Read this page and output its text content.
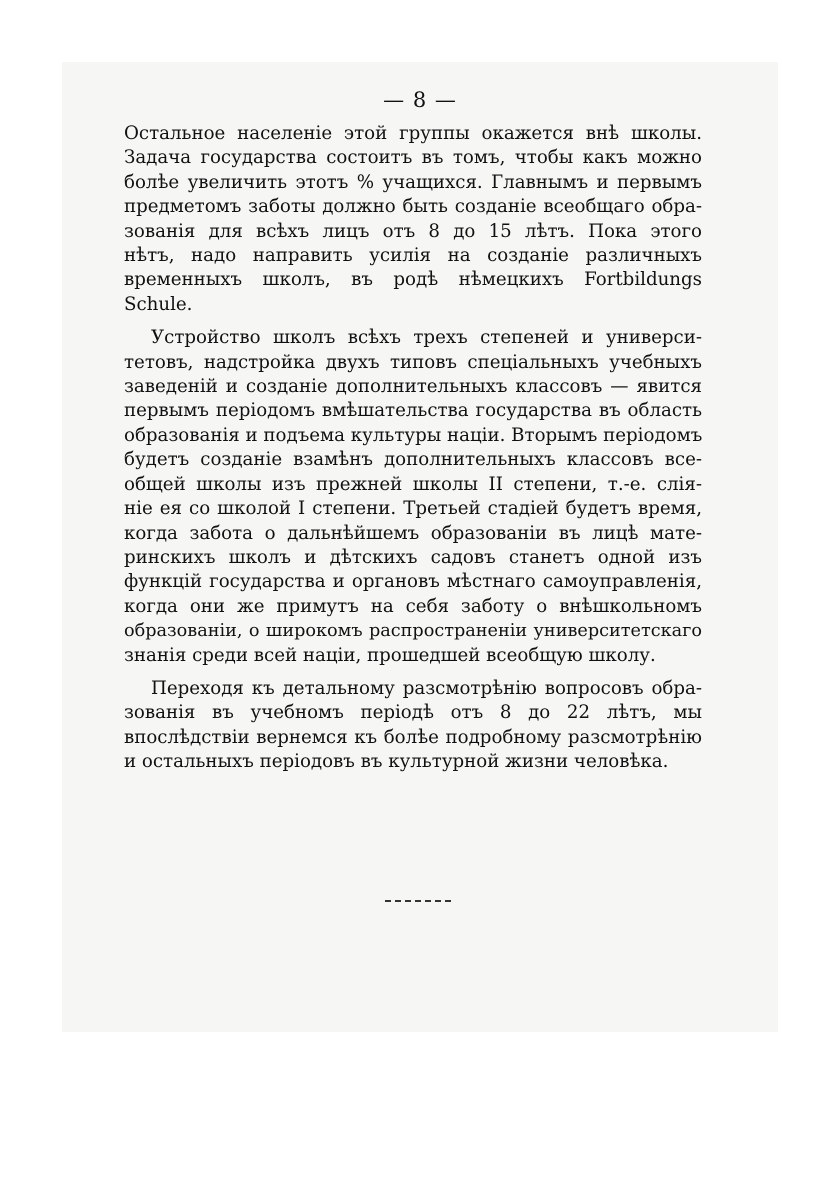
— 8 —

Остальное населеніе этой группы окажется внѣ школы.
Задача государства состоитъ въ томъ, чтобы какъ можно
болѣе увеличить этотъ % учащихся. Главнымъ и первымъ
предметомъ заботы должно быть созданіе всеобщаго обра-
зованія для всѣхъ лицъ отъ 8 до 15 лѣтъ. Пока этого
нѣтъ, надо направить усилія на созданіе различныхъ
временныхъ школъ, въ родѣ нѣмецкихъ Fortbildungs
Schule.

Устройство школъ всѣхъ трехъ степеней и универси-
тетовъ, надстройка двухъ типовъ спеціальныхъ учебныхъ
заведеній и созданіе дополнительныхъ классовъ — явится
первымъ періодомъ вмѣшательства государства въ область
образованія и подъема культуры націи. Вторымъ періодомъ
будетъ созданіе взамѣнъ дополнительныхъ классовъ все-
общей школы изъ прежней школы II степени, т.-е. слія-
ніе ея со школой I степени. Третьей стадіей будетъ время,
когда забота о дальнѣйшемъ образованіи въ лицѣ мате-
ринскихъ школъ и дѣтскихъ садовъ станетъ одной изъ
функцій государства и органовъ мѣстнаго самоуправленія,
когда они же примутъ на себя заботу о внѣшкольномъ
образованіи, о широкомъ распространеніи университетскаго
знанія среди всей націи, прошедшей всеобщую школу.

Переходя къ детальному разсмотрѣнію вопросовъ обра-
зованія въ учебномъ періодѣ отъ 8 до 22 лѣтъ, мы
впослѣдствіи вернемся къ болѣе подробному разсмотрѣнію
и остальныхъ періодовъ въ культурной жизни человѣка.
